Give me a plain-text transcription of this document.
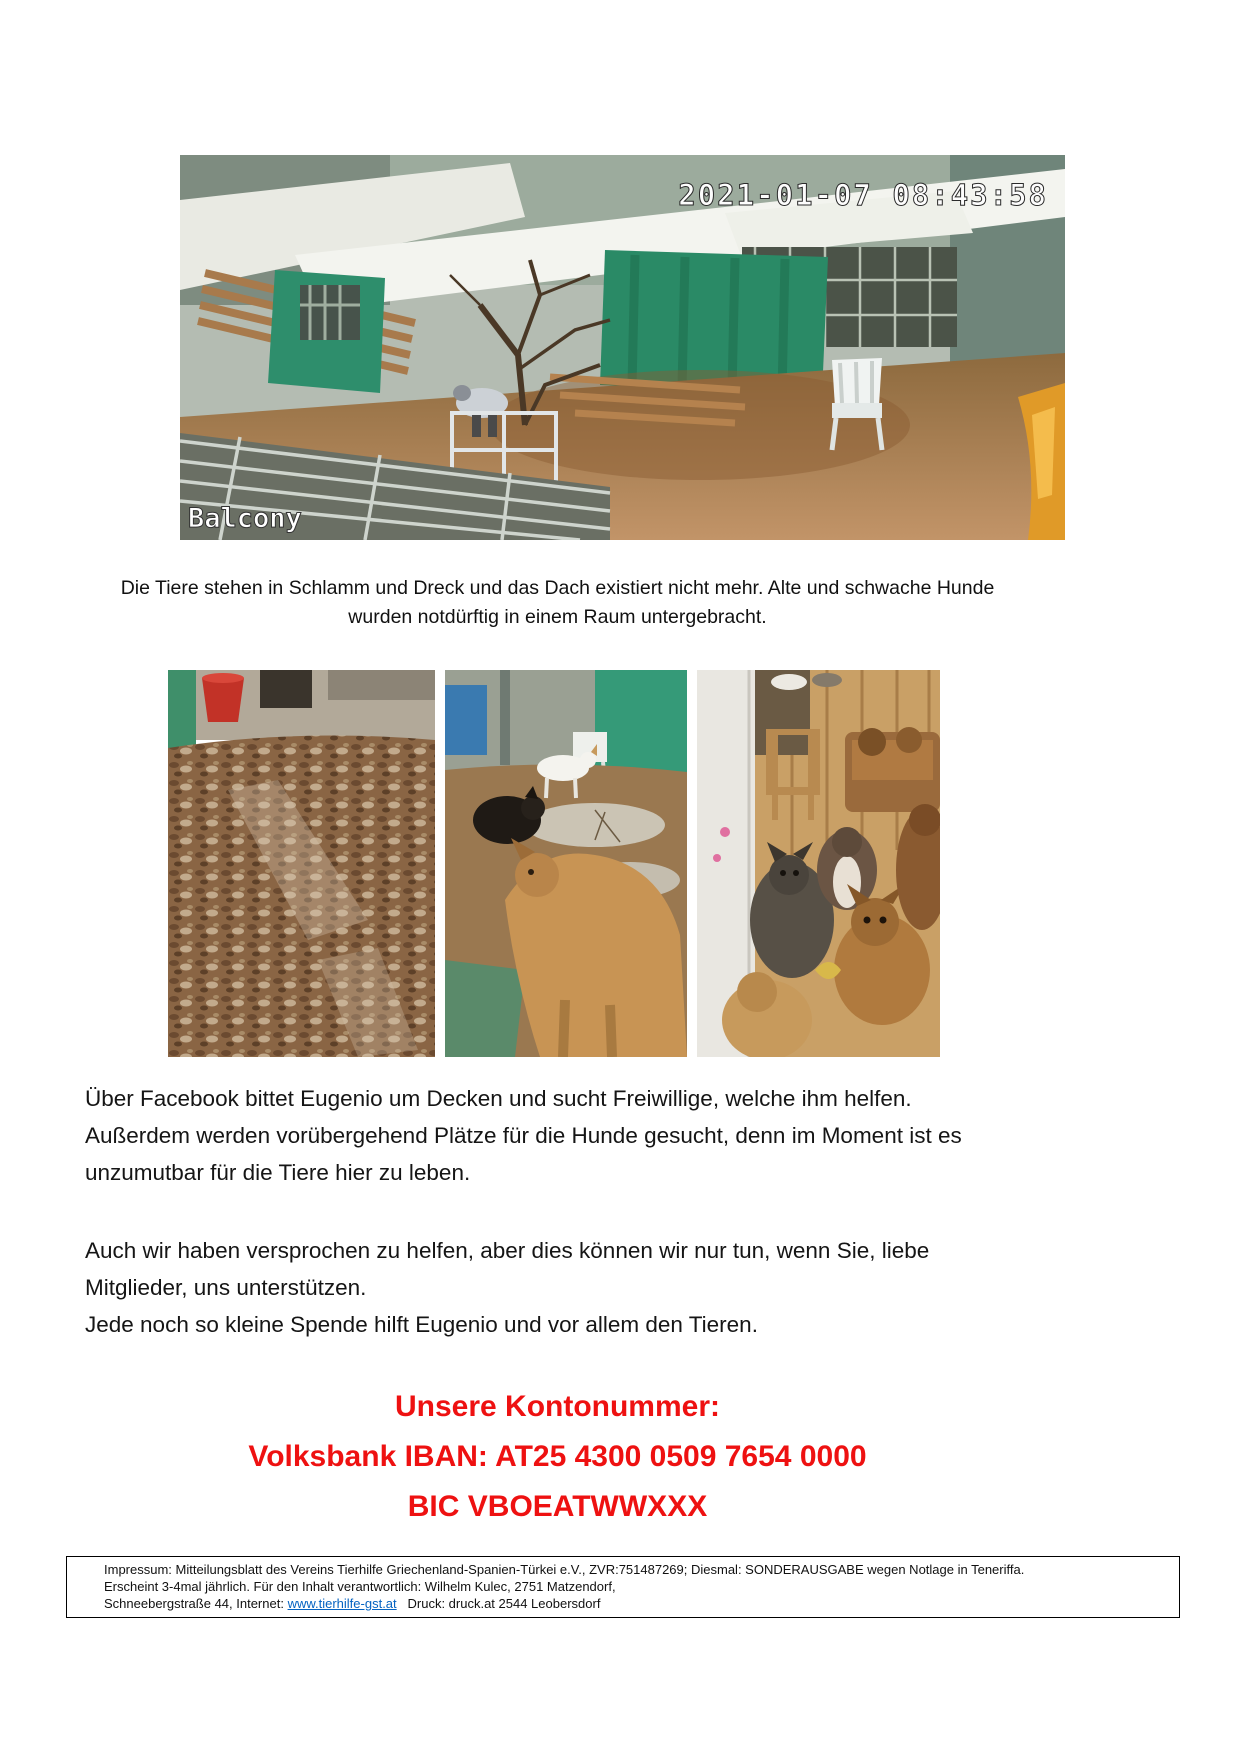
2021-01-07 08:43:58
Balcony
Die Tiere stehen in Schlamm und Dreck und das Dach existiert nicht mehr. Alte und schwache Hunde
wurden notdürftig in einem Raum untergebracht.
Über Facebook bittet Eugenio um Decken und sucht Freiwillige, welche ihm helfen.
Außerdem werden vorübergehend Plätze für die Hunde gesucht, denn im Moment ist es
unzumutbar für die Tiere hier zu leben.
Auch wir haben versprochen zu helfen, aber dies können wir nur tun, wenn Sie, liebe
Mitglieder, uns unterstützen.
Jede noch so kleine Spende hilft Eugenio und vor allem den Tieren.
Unsere Kontonummer:
Volksbank IBAN: AT25 4300 0509 7654 0000
BIC VBOEATWWXXX
Impressum: Mitteilungsblatt des Vereins Tierhilfe Griechenland-Spanien-Türkei e.V., ZVR:751487269; Diesmal: SONDERAUSGABE wegen Notlage in Teneriffa.
Erscheint 3-4mal jährlich. Für den Inhalt verantwortlich: Wilhelm Kulec, 2751 Matzendorf,
Schneebergstraße 44, Internet: www.tierhilfe-gst.at   Druck: druck.at 2544 Leobersdorf
